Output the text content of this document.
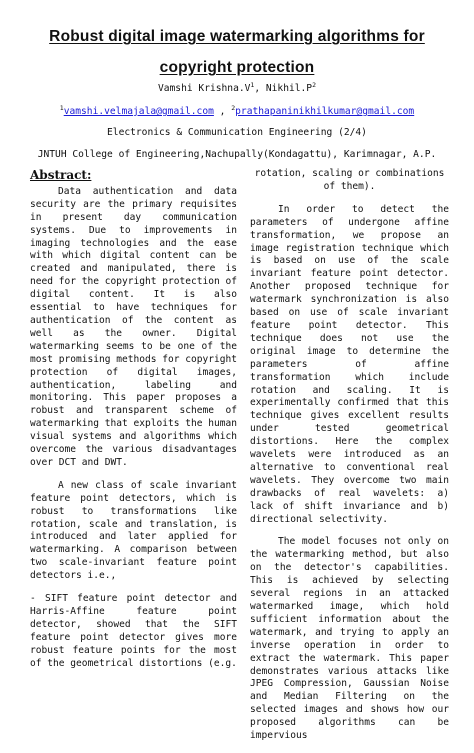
Robust digital image watermarking algorithms for
copyright protection
Vamshi $Krishna.V^1$, $Nikhil.P^2$
$^1$vamshi.velmajala@gmail.com , $^2$prathapaninikhilkumar@gmail.com
Electronics & Communication Engineering (2/4)
JNTUH College of Engineering,Nachupally(Kondagattu), Karimnagar, A.P.
Abstract:

Data authentication and data security are the primary requisites in present day communication systems. Due to improvements in imaging technologies and the ease with which digital content can be created and manipulated, there is need for the copyright protection of digital content. It is also essential to have techniques for authentication of the content as well as the owner. Digital watermarking seems to be one of the most promising methods for copyright protection of digital images, authentication, labeling and monitoring. This paper proposes a robust and transparent scheme of watermarking that exploits the human visual systems and algorithms which overcome the various disadvantages over DCT and DWT.

A new class of scale invariant feature point detectors, which is robust to transformations like rotation, scale and translation, is introduced and later applied for watermarking. A comparison between two scale-invariant feature point detectors i.e.,

- SIFT feature point detector and Harris-Affine feature point detector, showed that the SIFT feature point detector gives more robust feature points for the most of the geometrical distortions (e.g.

rotation, scaling or combinations of them).

In order to detect the parameters of undergone affine transformation, we propose an image registration technique which is based on use of the scale invariant feature point detector. Another proposed technique for watermark synchronization is also based on use of scale invariant feature point detector. This technique does not use the original image to determine the parameters of affine transformation which include rotation and scaling. It is experimentally confirmed that this technique gives excellent results under tested geometrical distortions. Here the complex wavelets were introduced as an alternative to conventional real wavelets. They overcome two main drawbacks of real wavelets: a) lack of shift invariance and b) directional selectivity.

The model focuses not only on the watermarking method, but also on the detector's capabilities. This is achieved by selecting several regions in an attacked watermarked image, which hold sufficient information about the watermark, and trying to apply an inverse operation in order to extract the watermark. This paper demonstrates various attacks like JPEG Compression, Gaussian Noise and Median Filtering on the selected images and shows how our proposed algorithms can be impervious
